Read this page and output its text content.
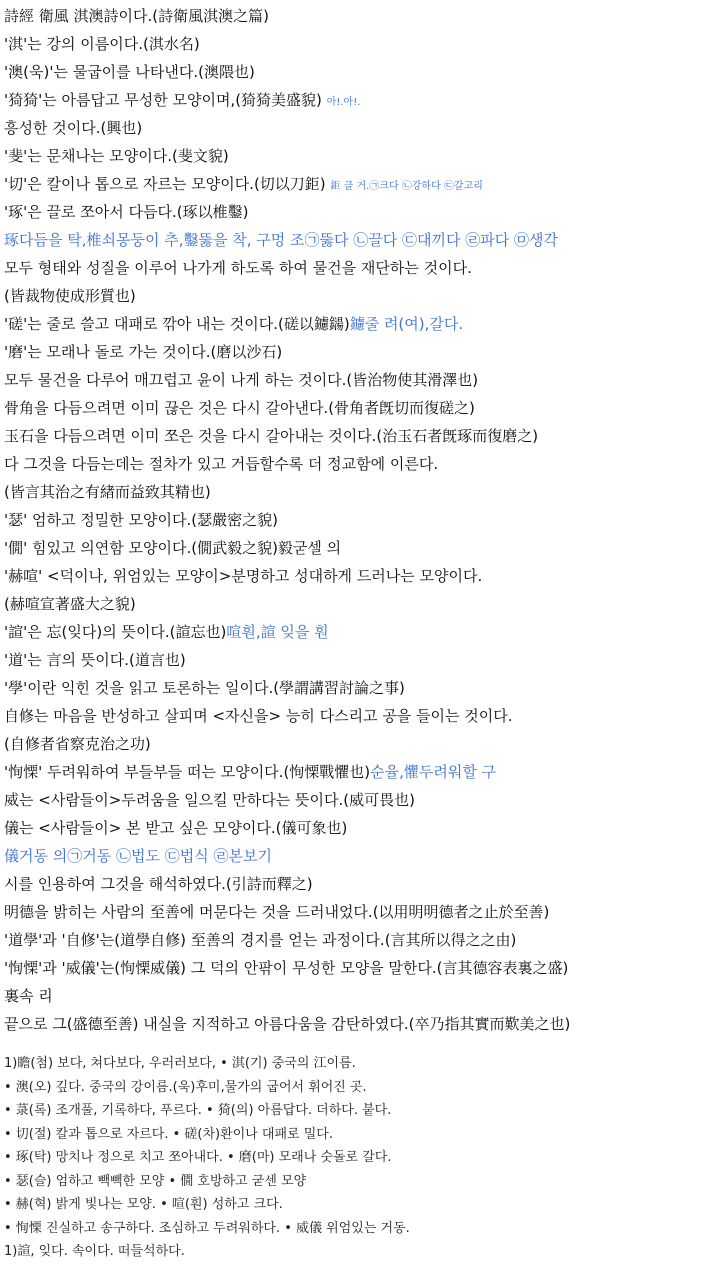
詩經 衛風 淇澳詩이다.(詩衛風淇澳之篇)
'淇'는 강의 이름이다.(淇水名)
'澳(욱)'는 물굽이를 나타낸다.(澳隈也)
'猗猗'는 아름답고 무성한 모양이며,(猗猗美盛貌) 아!.아!.
흥성한 것이다.(興也)
'斐'는 문채나는 모양이다.(斐文貌)
'切'은 칼이나 톱으로 자르는 모양이다.(切以刀鉅) 鉅 클 거.㉠크다 ㉡강하다 ㉢갈고리
'琢'은 끌로 쪼아서 다듬다.(琢以椎鑿)
琢다듬을 탁,椎쇠몽둥이 추,鑿뚫을 착, 구멍 조㉠뚫다 ㉡끌다 ㉢대끼다 ㉣파다 ㉤생각
모두 형태와 성질을 이루어 나가게 하도록 하여 물건을 재단하는 것이다.
(皆裁物使成形質也)
'磋'는 줄로 쓸고 대패로 깎아 내는 것이다.(磋以鑢鐋)鑢줄 려(여),갈다.
'磨'는 모래나 돌로 가는 것이다.(磨以沙石)
모두 물건을 다루어 매끄럽고 윤이 나게 하는 것이다.(皆治物使其滑澤也)
骨角을 다듬으려면 이미 끊은 것은 다시 갈아낸다.(骨角者旣切而復磋之)
玉石을 다듬으려면 이미 쪼은 것을 다시 갈아내는 것이다.(治玉石者旣琢而復磨之)
다 그것을 다듬는데는 절차가 있고 거듭할수록 더 정교함에 이른다.
(皆言其治之有緖而益致其精也)
'瑟' 엄하고 정밀한 모양이다.(瑟嚴密之貌)
'僩' 힘있고 의연함 모양이다.(僩武毅之貌)毅굳셀 의
'赫喧' <덕이나, 위엄있는 모양이>분명하고 성대하게 드러나는 모양이다.
(赫喧宣著盛大之貌)
'諠'은 忘(잊다)의 뜻이다.(諠忘也)喧훤,諠 잊을 훤
'道'는 言의 뜻이다.(道言也)
'學'이란 익힌 것을 읽고 토론하는 일이다.(學謂講習討論之事)
自修는 마음을 반성하고 살피며 <자신을> 능히 다스리고 공을 들이는 것이다.
(自修者省察克治之功)
'恂慄' 두려워하여 부들부들 떠는 모양이다.(恂慄戰懼也)순율,懼두려워할 구
威는 <사람들이>두려움을 일으킬 만하다는 뜻이다.(威可畏也)
儀는 <사람들이> 본 받고 싶은 모양이다.(儀可象也)
儀거동 의㉠거동 ㉡법도 ㉢법식 ㉣본보기
시를 인용하여 그것을 해석하였다.(引詩而釋之)
明德을 밝히는 사람의 至善에 머문다는 것을 드러내었다.(以用明明德者之止於至善)
'道學'과 '自修'는(道學自修) 至善의 경지를 얻는 과정이다.(言其所以得之之由)
'恂慄'과 '威儀'는(恂慄威儀) 그 덕의 안팎이 무성한 모양을 말한다.(言其德容表裏之盛)
裏속 리
끝으로 그(盛德至善) 내실을 지적하고 아름다움을 감탄하였다.(卒乃指其實而歎美之也)
1)瞻(첨) 보다, 쳐다보다, 우러러보다, • 淇(기) 중국의 江이름.
• 澳(오) 깊다. 중국의 강이름.(욱)후미,물가의 굽어서 휘어진 곳.
• 菉(록) 조개풀, 기록하다, 푸르다. • 猗(의) 아름답다. 더하다. 붙다.
• 切(절) 칼과 톱으로 자르다. • 磋(차)환이나 대패로 밀다.
• 琢(탁) 망치나 정으로 치고 쪼아내다. • 磨(마) 모래나 숫돌로 갈다.
• 瑟(슬) 엄하고 빽빽한 모양 • 僩 호방하고 굳센 모양
• 赫(혁) 밝게 빛나는 모양. • 喧(훤) 성하고 크다.
• 恂慄 진실하고 송구하다. 조심하고 두려워하다. • 威儀 위엄있는 거동.
1)諠, 잊다. 속이다. 떠들석하다.
